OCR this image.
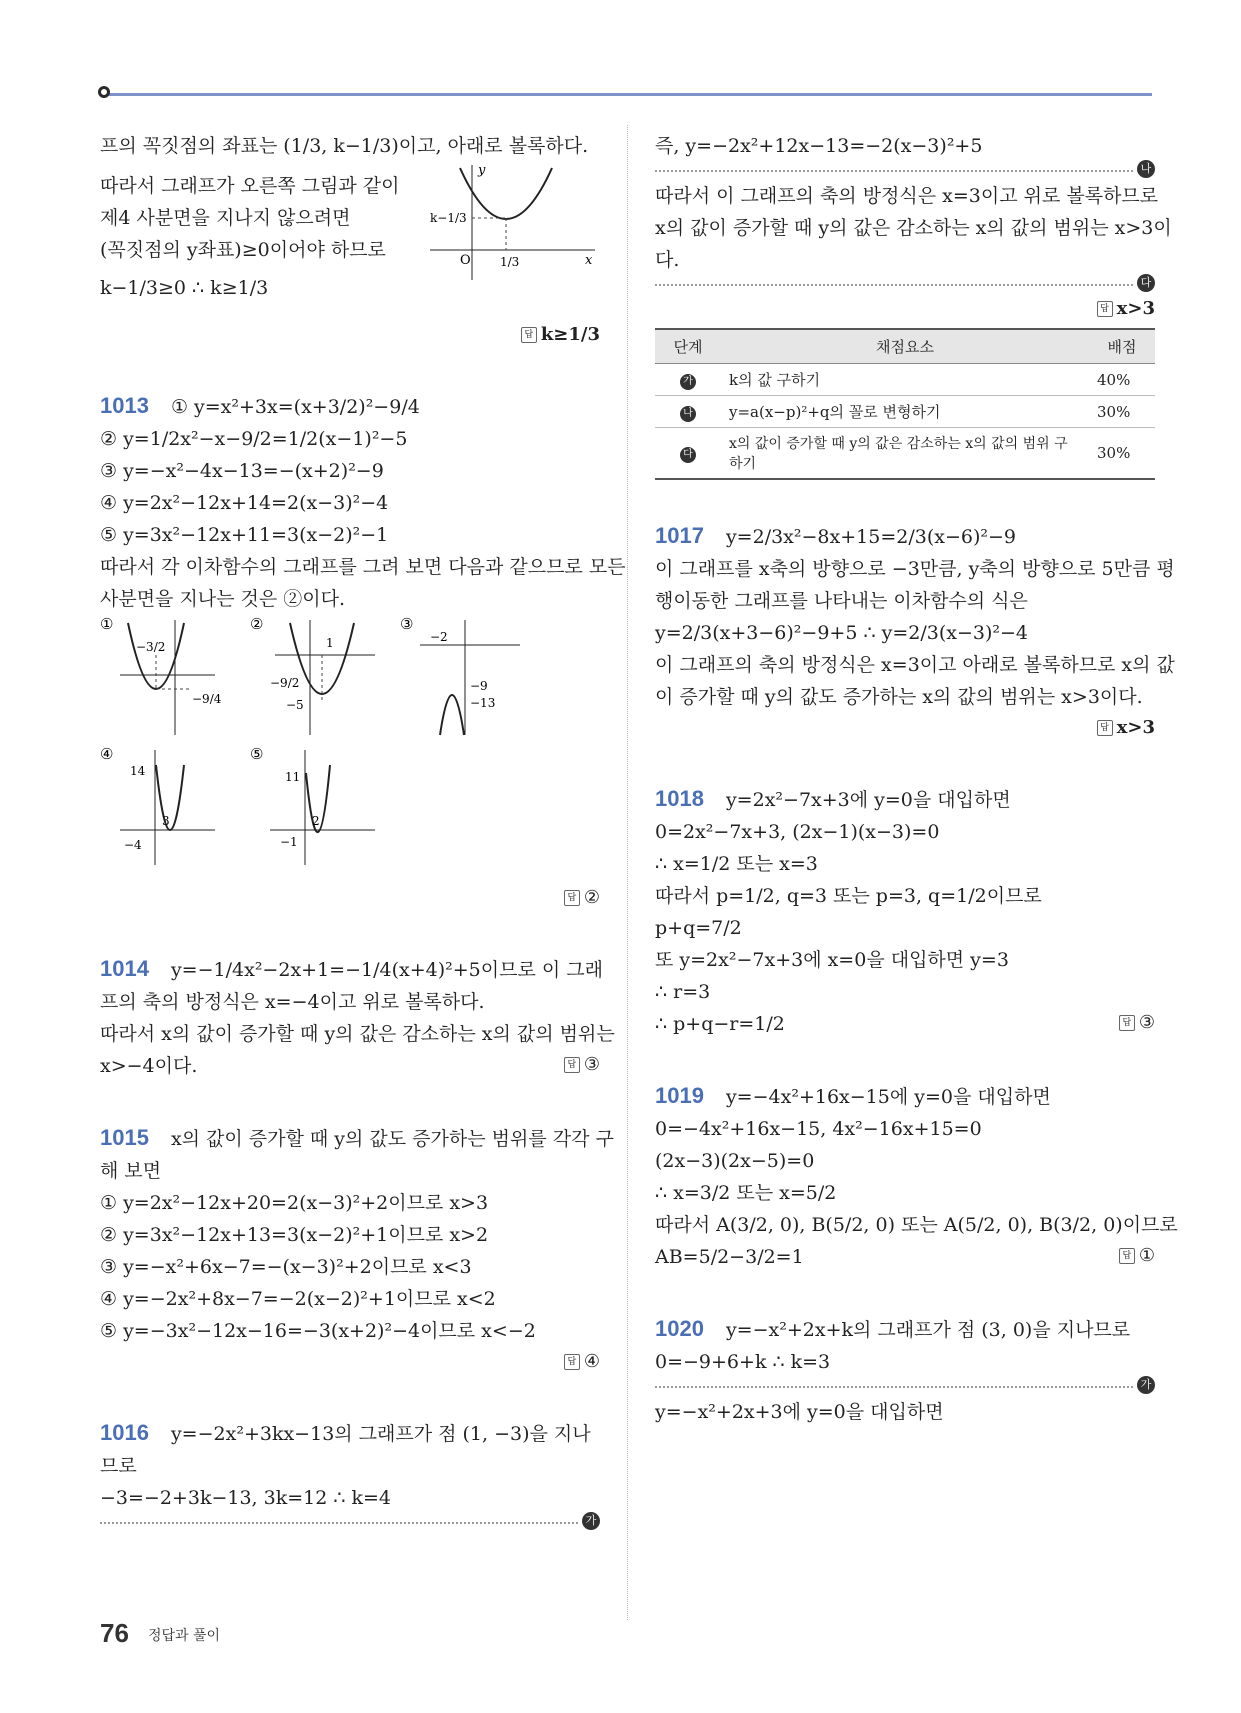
프의 꼭짓점의 좌표는 (1/3, k−1/3)이고, 아래로 볼록하다.
따라서 그래프가 오른쪽 그림과 같이
제4 사분면을 지나지 않으려면
(꼭짓점의 y좌표)≥0이어야 하므로
k−1/3≥0 ∴ k≥1/3
y
x
O
k−1/3
1/3
답 k≥1/3
1013 ① y=x²+3x=(x+3/2)²−9/4
② y=1/2x²−x−9/2=1/2(x−1)²−5
③ y=−x²−4x−13=−(x+2)²−9
④ y=2x²−12x+14=2(x−3)²−4
⑤ y=3x²−12x+11=3(x−2)²−1
따라서 각 이차함수의 그래프를 그려 보면 다음과 같으므로 모든
사분면을 지나는 것은 ②이다.
①
−3/2
−9/4
②
1
−9/2
−5
③
−2
−9
−13
④
14
3
−4
⑤
11
2
−1
답 ②
1014 y=−1/4x²−2x+1=−1/4(x+4)²+5이므로 이 그래
프의 축의 방정식은 x=−4이고 위로 볼록하다.
따라서 x의 값이 증가할 때 y의 값은 감소하는 x의 값의 범위는
x>−4이다.	답 ③
1015 x의 값이 증가할 때 y의 값도 증가하는 범위를 각각 구
해 보면
① y=2x²−12x+20=2(x−3)²+2이므로 x>3
② y=3x²−12x+13=3(x−2)²+1이므로 x>2
③ y=−x²+6x−7=−(x−3)²+2이므로 x<3
④ y=−2x²+8x−7=−2(x−2)²+1이므로 x<2
⑤ y=−3x²−12x−16=−3(x+2)²−4이므로 x<−2
답 ④
1016 y=−2x²+3kx−13의 그래프가 점 (1, −3)을 지나
므로
−3=−2+3k−13, 3k=12 ∴ k=4
가
즉, y=−2x²+12x−13=−2(x−3)²+5
나
따라서 이 그래프의 축의 방정식은 x=3이고 위로 볼록하므로
x의 값이 증가할 때 y의 값은 감소하는 x의 값의 범위는 x>3이
다.
다
답 x>3
단계	채점요소	배점
가	k의 값 구하기	40%
나	y=a(x−p)²+q의 꼴로 변형하기	30%
다	x의 값이 증가할 때 y의 값은 감소하는 x의 값의 범위 구하기	30%
1017 y=2/3x²−8x+15=2/3(x−6)²−9
이 그래프를 x축의 방향으로 −3만큼, y축의 방향으로 5만큼 평
행이동한 그래프를 나타내는 이차함수의 식은
y=2/3(x+3−6)²−9+5 ∴ y=2/3(x−3)²−4
이 그래프의 축의 방정식은 x=3이고 아래로 볼록하므로 x의 값
이 증가할 때 y의 값도 증가하는 x의 값의 범위는 x>3이다.
답 x>3
1018 y=2x²−7x+3에 y=0을 대입하면
0=2x²−7x+3, (2x−1)(x−3)=0
∴ x=1/2 또는 x=3
따라서 p=1/2, q=3 또는 p=3, q=1/2이므로
p+q=7/2
또 y=2x²−7x+3에 x=0을 대입하면 y=3
∴ r=3
∴ p+q−r=1/2	답 ③
1019 y=−4x²+16x−15에 y=0을 대입하면
0=−4x²+16x−15, 4x²−16x+15=0
(2x−3)(2x−5)=0
∴ x=3/2 또는 x=5/2
따라서 A(3/2, 0), B(5/2, 0) 또는 A(5/2, 0), B(3/2, 0)이므로
AB=5/2−3/2=1	답 ①
1020 y=−x²+2x+k의 그래프가 점 (3, 0)을 지나므로
0=−9+6+k ∴ k=3
가
y=−x²+2x+3에 y=0을 대입하면
76 정답과 풀이
